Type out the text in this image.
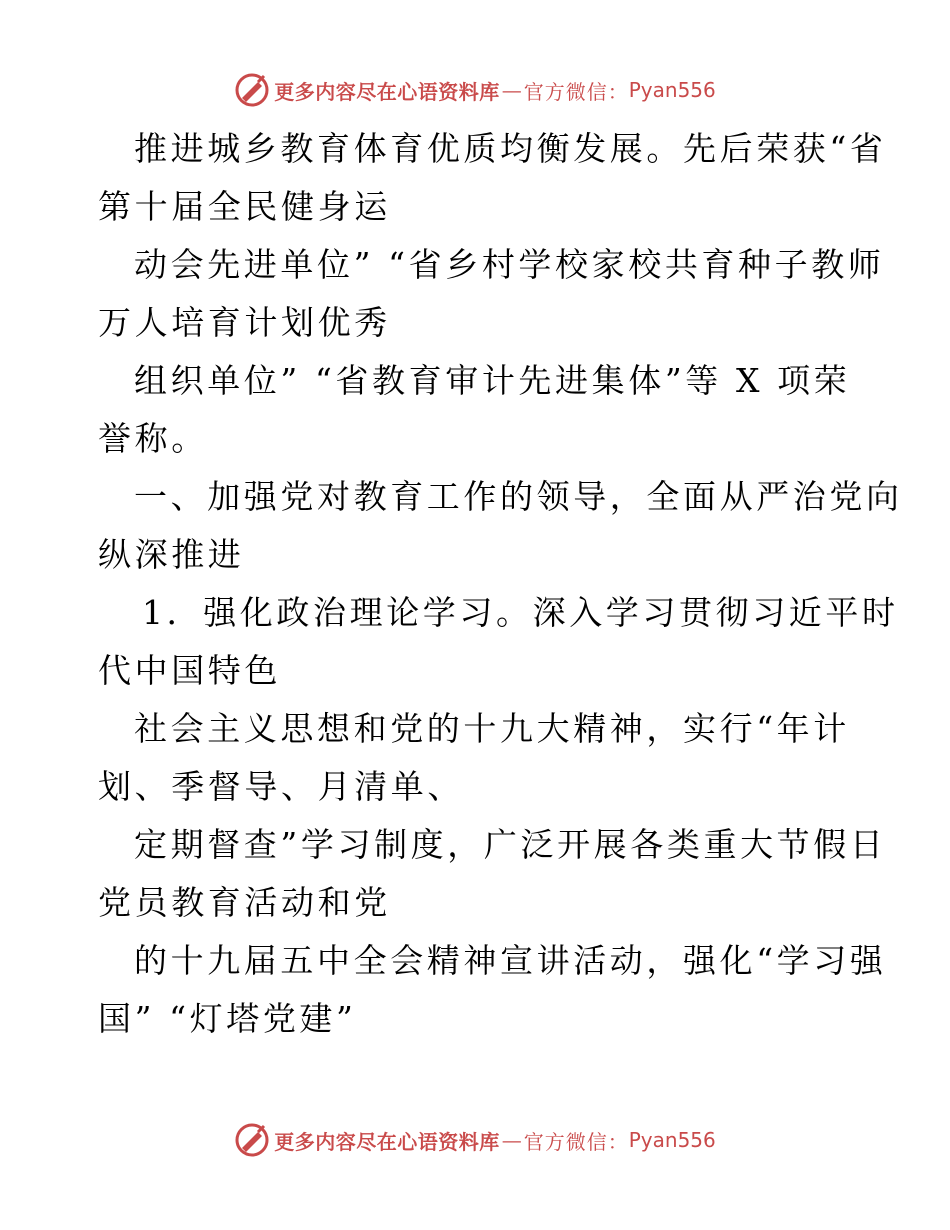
更多内容尽在心语资料库 — 官方微信： Pyan556
推进城乡教育体育优质均衡发展。先后荣获“省
第十届全民健身运
动会先进单位” “省乡村学校家校共育种子教师
万人培育计划优秀
组织单位” “省教育审计先进集体”等 X 项荣
誉称。
一、加强党对教育工作的领导，全面从严治党向
纵深推进
1．强化政治理论学习。深入学习贯彻习近平时
代中国特色
社会主义思想和党的十九大精神，实行“年计
划、季督导、月清单、
定期督查”学习制度，广泛开展各类重大节假日
党员教育活动和党
的十九届五中全会精神宣讲活动，强化“学习强
国” “灯塔党建”
更多内容尽在心语资料库 — 官方微信： Pyan556
